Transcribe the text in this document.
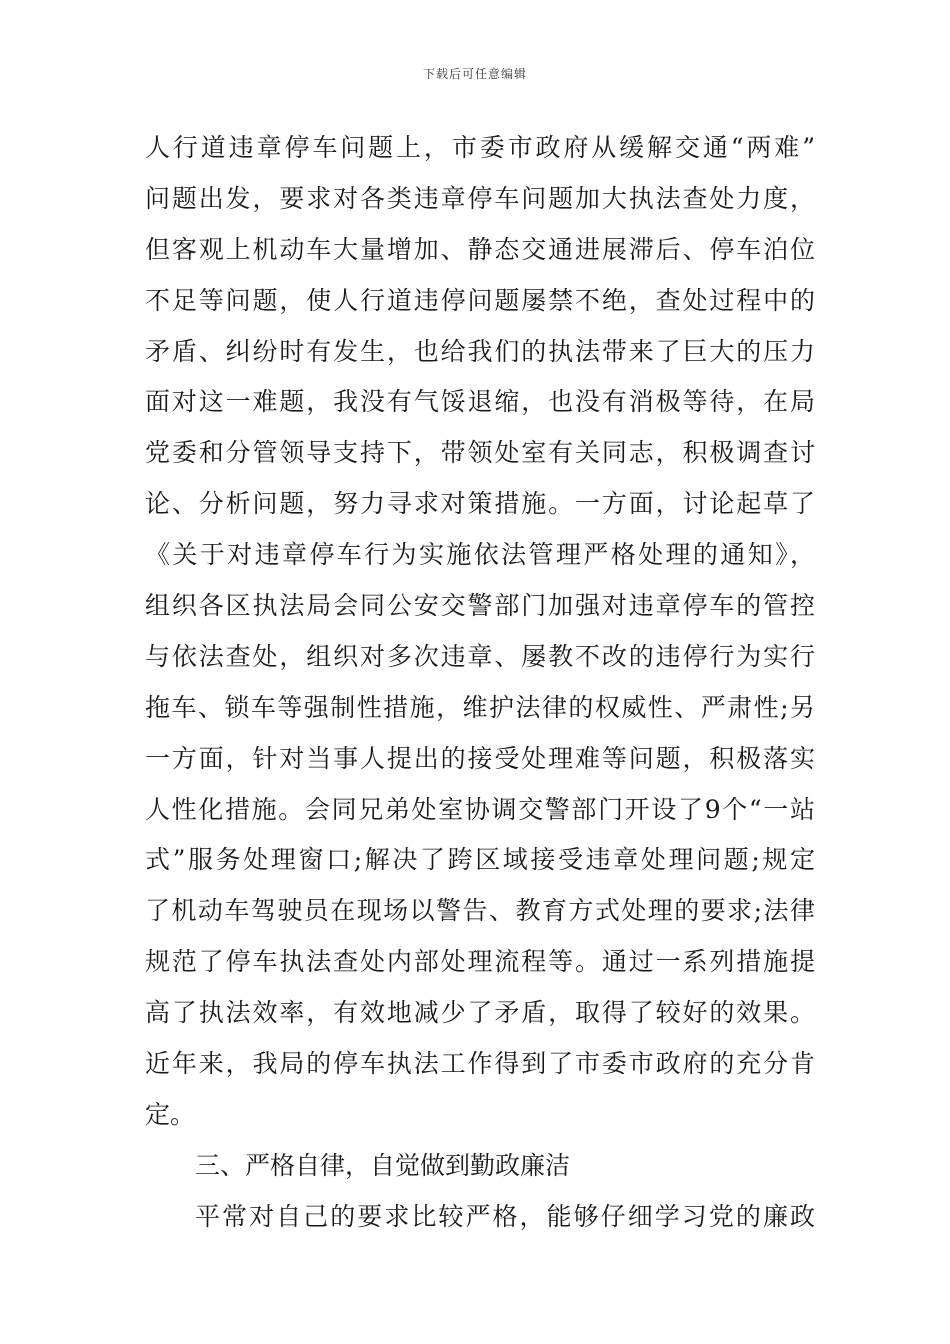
下载后可任意编辑
人行道违章停车问题上，市委市政府从缓解交通“两难”
问题出发，要求对各类违章停车问题加大执法查处力度，
但客观上机动车大量增加、静态交通进展滞后、停车泊位
不足等问题，使人行道违停问题屡禁不绝，查处过程中的
矛盾、纠纷时有发生，也给我们的执法带来了巨大的压力
面对这一难题，我没有气馁退缩，也没有消极等待，在局
党委和分管领导支持下，带领处室有关同志，积极调查讨
论、分析问题，努力寻求对策措施。一方面，讨论起草了
《关于对违章停车行为实施依法管理严格处理的通知》，
组织各区执法局会同公安交警部门加强对违章停车的管控
与依法查处，组织对多次违章、屡教不改的违停行为实行
拖车、锁车等强制性措施，维护法律的权威性、严肃性;另
一方面，针对当事人提出的接受处理难等问题，积极落实
人性化措施。会同兄弟处室协调交警部门开设了9个“一站
式”服务处理窗口;解决了跨区域接受违章处理问题;规定
了机动车驾驶员在现场以警告、教育方式处理的要求;法律
规范了停车执法查处内部处理流程等。通过一系列措施提
高了执法效率，有效地减少了矛盾，取得了较好的效果。
近年来，我局的停车执法工作得到了市委市政府的充分肯
定。
三、严格自律，自觉做到勤政廉洁
平常对自己的要求比较严格，能够仔细学习党的廉政
